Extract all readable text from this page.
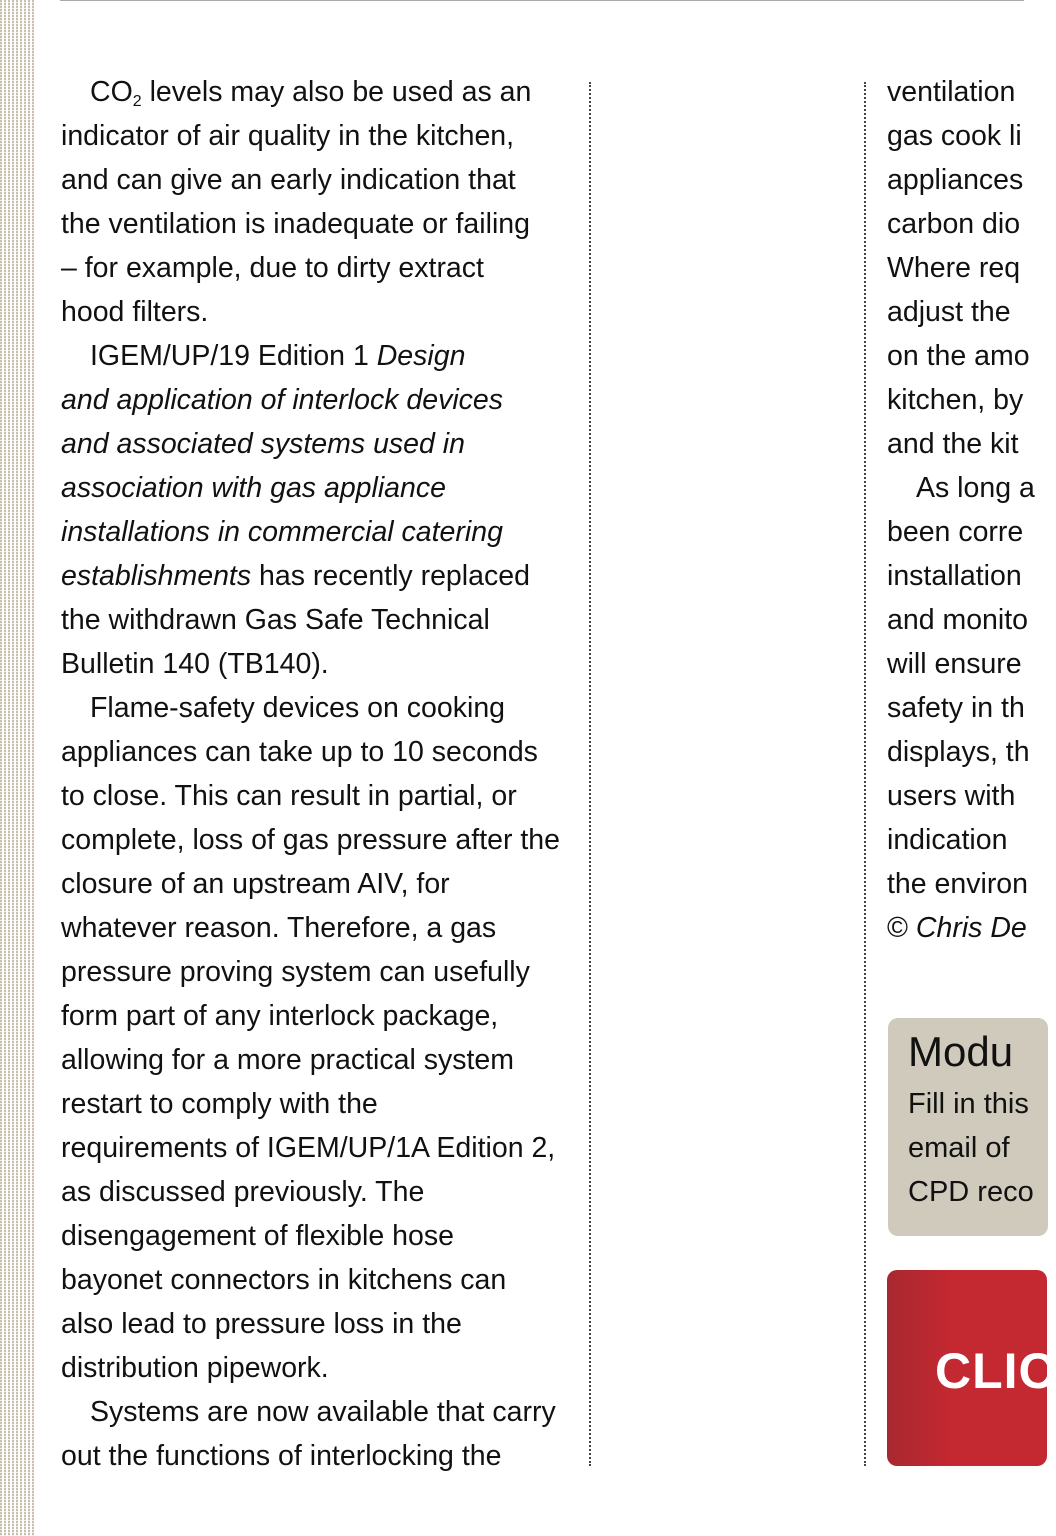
$CO_2$ levels may also be used as an
indicator of air quality in the kitchen,
and can give an early indication that
the ventilation is inadequate or failing
– for example, due to dirty extract
hood filters.
IGEM/UP/19 Edition 1 Design
and application of interlock devices
and associated systems used in
association with gas appliance
installations in commercial catering
establishments has recently replaced
the withdrawn Gas Safe Technical
Bulletin 140 (TB140).
Flame-safety devices on cooking
appliances can take up to 10 seconds
to close. This can result in partial, or
complete, loss of gas pressure after the
closure of an upstream AIV, for
whatever reason. Therefore, a gas
pressure proving system can usefully
form part of any interlock package,
allowing for a more practical system
restart to comply with the
requirements of IGEM/UP/1A Edition 2,
as discussed previously. The
disengagement of flexible hose
bayonet connectors in kitchens can
also lead to pressure loss in the
distribution pipework.
Systems are now available that carry
out the functions of interlocking the
ventilation
gas cook li
appliances
carbon dio
Where req
adjust the
on the amo
kitchen, by
and the kit
As long a
been corre
installation
and monito
will ensure
safety in th
displays, th
users with
indication
the environ
© Chris De
Modu

Fill in this
email of
CPD reco

CLIC
